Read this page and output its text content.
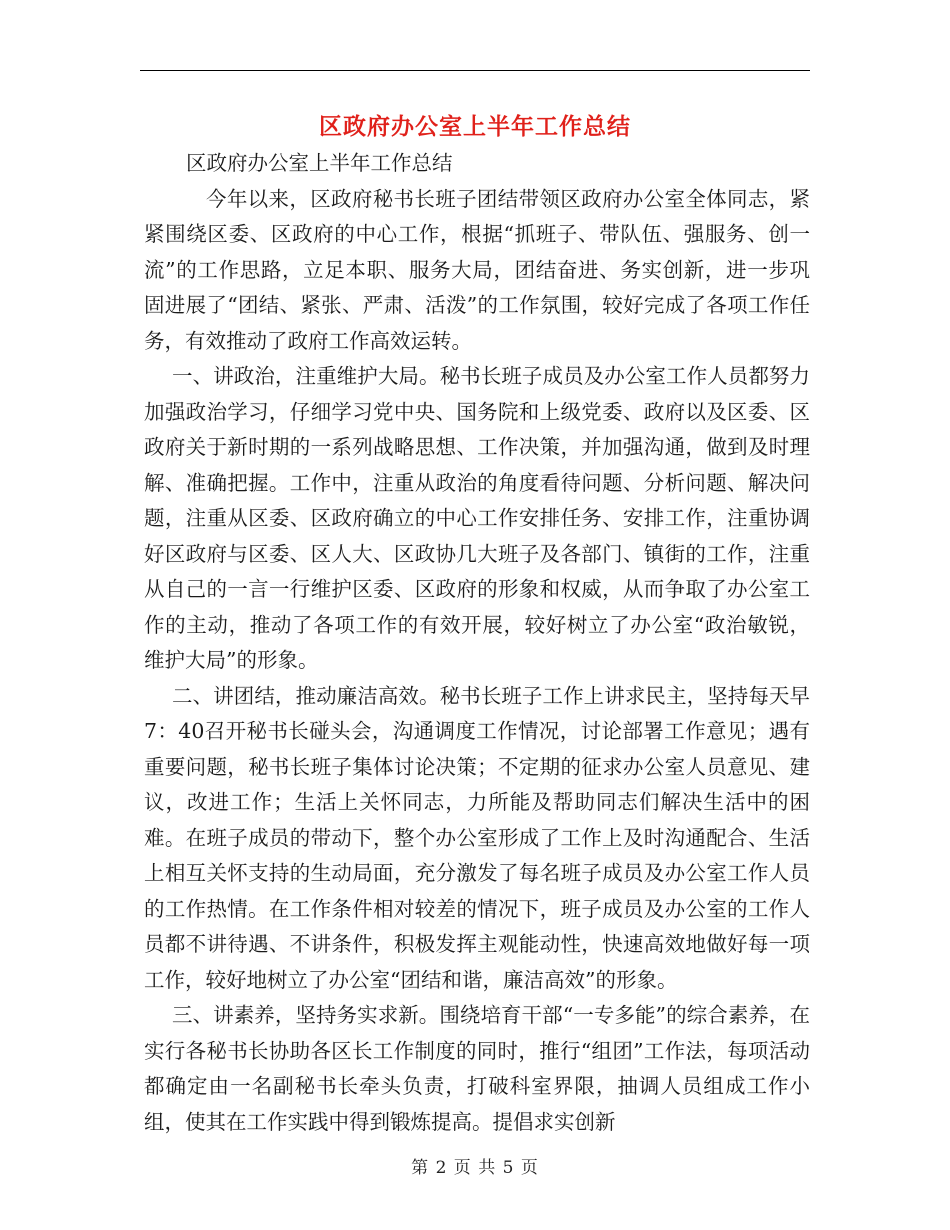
区政府办公室上半年工作总结

区政府办公室上半年工作总结

今年以来，区政府秘书长班子团结带领区政府办公室全体同志，紧紧围绕区委、区政府的中心工作，根据“抓班子、带队伍、强服务、创一流”的工作思路，立足本职、服务大局，团结奋进、务实创新，进一步巩固进展了“团结、紧张、严肃、活泼”的工作氛围，较好完成了各项工作任务，有效推动了政府工作高效运转。

一、讲政治，注重维护大局。秘书长班子成员及办公室工作人员都努力加强政治学习，仔细学习党中央、国务院和上级党委、政府以及区委、区政府关于新时期的一系列战略思想、工作决策，并加强沟通，做到及时理解、准确把握。工作中，注重从政治的角度看待问题、分析问题、解决问题，注重从区委、区政府确立的中心工作安排任务、安排工作，注重协调好区政府与区委、区人大、区政协几大班子及各部门、镇街的工作，注重从自己的一言一行维护区委、区政府的形象和权威，从而争取了办公室工作的主动，推动了各项工作的有效开展，较好树立了办公室“政治敏锐，维护大局”的形象。

二、讲团结，推动廉洁高效。秘书长班子工作上讲求民主，坚持每天早7：40召开秘书长碰头会，沟通调度工作情况，讨论部署工作意见；遇有重要问题，秘书长班子集体讨论决策；不定期的征求办公室人员意见、建议，改进工作；生活上关怀同志，力所能及帮助同志们解决生活中的困难。在班子成员的带动下，整个办公室形成了工作上及时沟通配合、生活上相互关怀支持的生动局面，充分激发了每名班子成员及办公室工作人员的工作热情。在工作条件相对较差的情况下，班子成员及办公室的工作人员都不讲待遇、不讲条件，积极发挥主观能动性，快速高效地做好每一项工作，较好地树立了办公室“团结和谐，廉洁高效”的形象。

三、讲素养，坚持务实求新。围绕培育干部“一专多能”的综合素养，在实行各秘书长协助各区长工作制度的同时，推行“组团”工作法，每项活动都确定由一名副秘书长牵头负责，打破科室界限，抽调人员组成工作小组，使其在工作实践中得到锻炼提高。提倡求实创新

第 2 页 共 5 页
